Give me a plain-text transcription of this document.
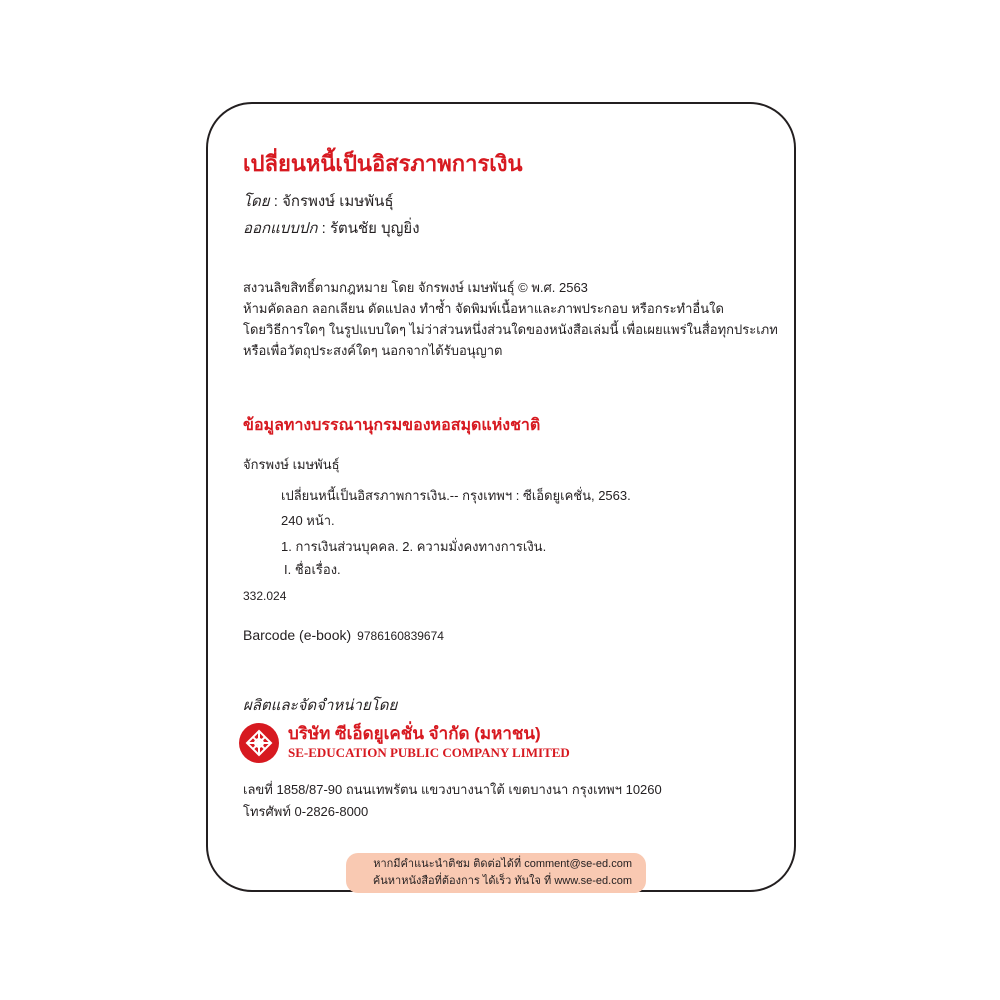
เปลี่ยนหนี้เป็นอิสรภาพการเงิน
โดย : จักรพงษ์ เมษพันธุ์
ออกแบบปก : รัตนชัย บุญยิ่ง
สงวนลิขสิทธิ์ตามกฎหมาย โดย จักรพงษ์ เมษพันธุ์ © พ.ศ. 2563
ห้ามคัดลอก ลอกเลียน ดัดแปลง ทำซ้ำ จัดพิมพ์เนื้อหาและภาพประกอบ หรือกระทำอื่นใด
โดยวิธีการใดๆ ในรูปแบบใดๆ ไม่ว่าส่วนหนึ่งส่วนใดของหนังสือเล่มนี้ เพื่อเผยแพร่ในสื่อทุกประเภท
หรือเพื่อวัตถุประสงค์ใดๆ นอกจากได้รับอนุญาต
ข้อมูลทางบรรณานุกรมของหอสมุดแห่งชาติ
จักรพงษ์ เมษพันธุ์
เปลี่ยนหนี้เป็นอิสรภาพการเงิน.-- กรุงเทพฯ : ซีเอ็ดยูเคชั่น, 2563.
240 หน้า.
1. การเงินส่วนบุคคล. 2. ความมั่งคงทางการเงิน.
I. ชื่อเรื่อง.
332.024
Barcode (e-book) 9786160839674
ผลิตและจัดจำหน่ายโดย
บริษัท ซีเอ็ดยูเคชั่น จำกัด (มหาชน)
SE-EDUCATION PUBLIC COMPANY LIMITED
เลขที่ 1858/87-90 ถนนเทพรัตน แขวงบางนาใต้ เขตบางนา กรุงเทพฯ 10260
โทรศัพท์ 0-2826-8000
หากมีคำแนะนำติชม ติดต่อได้ที่ comment@se-ed.com
ค้นหาหนังสือที่ต้องการ ได้เร็ว ทันใจ ที่ www.se-ed.com
